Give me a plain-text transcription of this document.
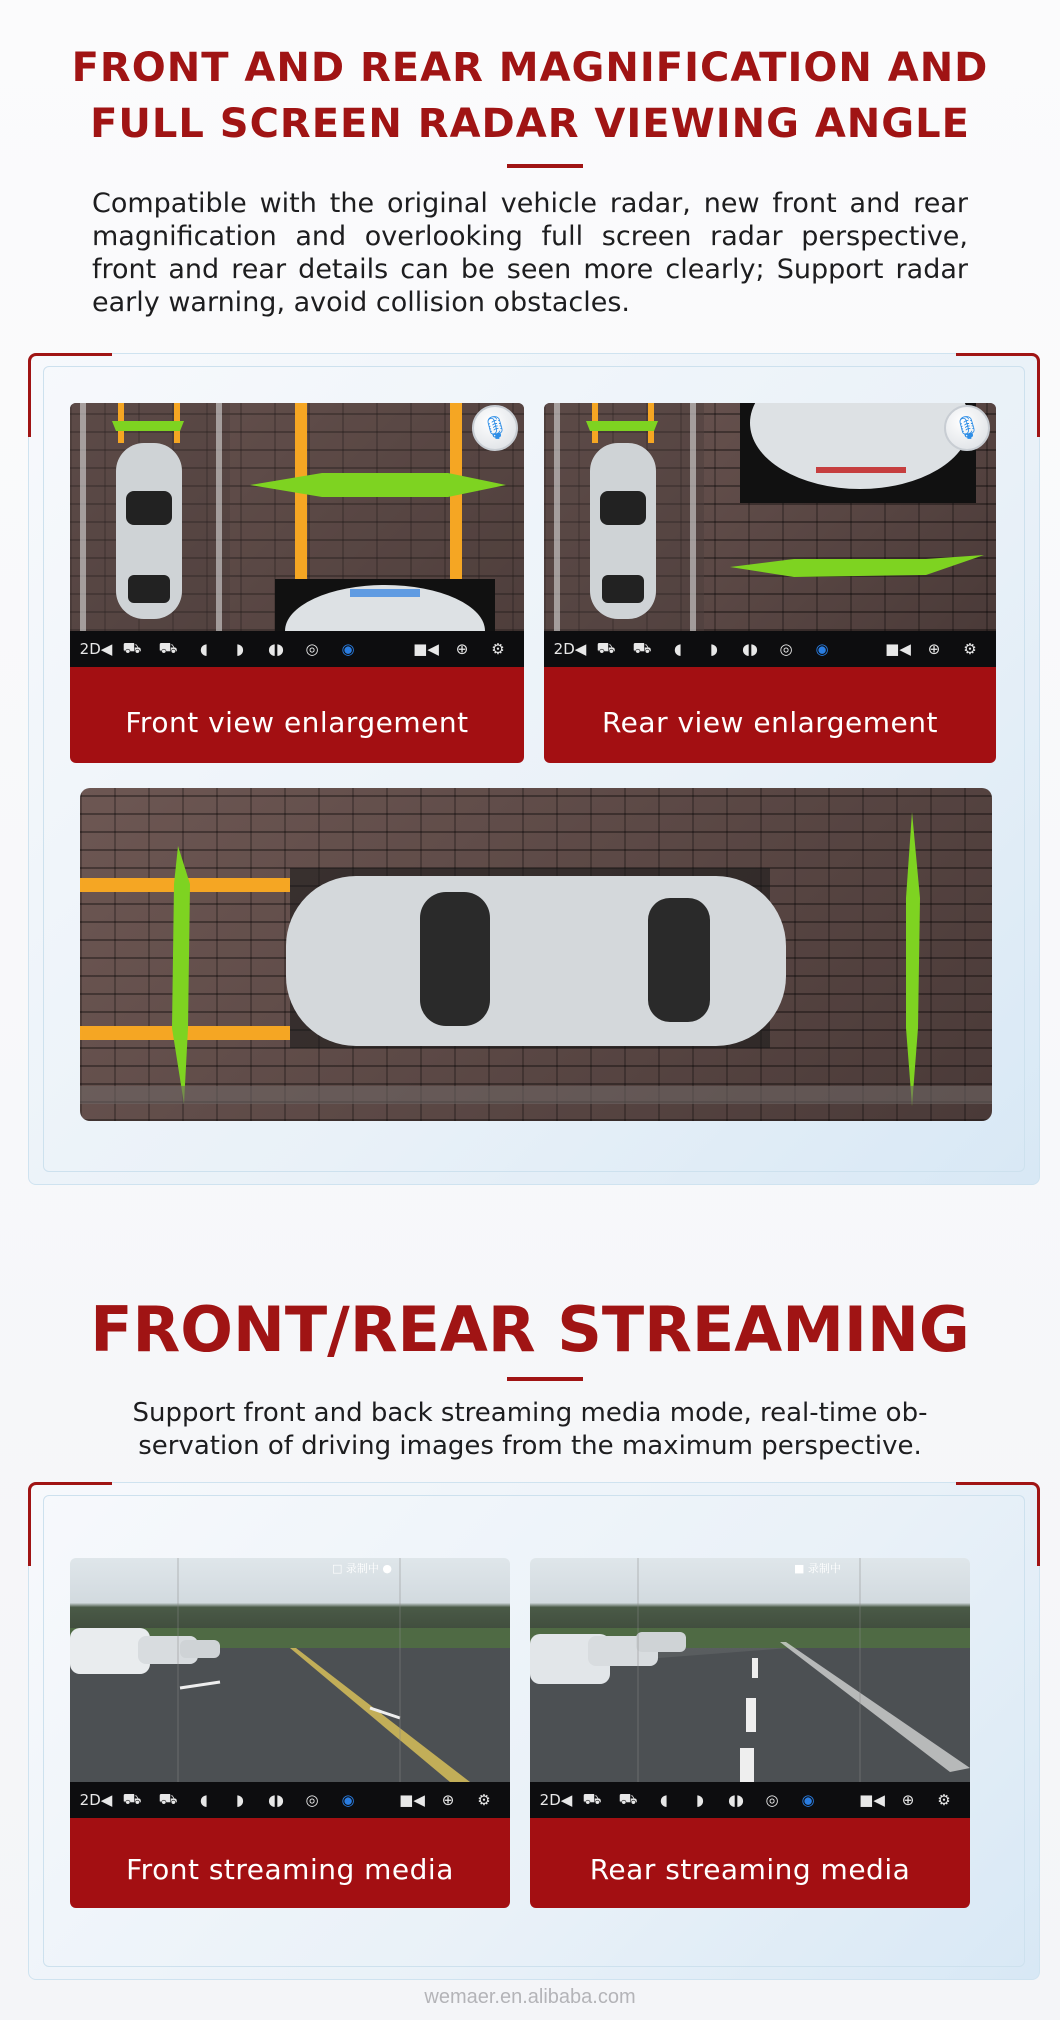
FRONT AND REAR MAGNIFICATION AND
FULL SCREEN RADAR VIEWING ANGLE
Compatible with the original vehicle radar, new front and rear magnification and overlooking full screen radar perspective, front and rear details can be seen more clearly; Support radar early warning, avoid collision obstacles.
🎙
2D◀ ⛟	⛟	◖	◗	◖◗	◎	◉	■◀	⊕	⚙
Front view enlargement
🎙
2D◀ ⛟	⛟	◖	◗	◖◗	◎	◉	■◀	⊕	⚙
Rear view enlargement
FRONT/REAR STREAMING
Support front and back streaming media mode, real-time ob-
servation of driving images from the maximum perspective.
□ 录制中 ●
2D◀ ⛟	⛟	◖	◗	◖◗	◎	◉	■◀	⊕	⚙
Front streaming media
■ 录制中
2D◀ ⛟	⛟	◖	◗	◖◗	◎	◉	■◀	⊕	⚙
Rear streaming media
wemaer.en.alibaba.com
